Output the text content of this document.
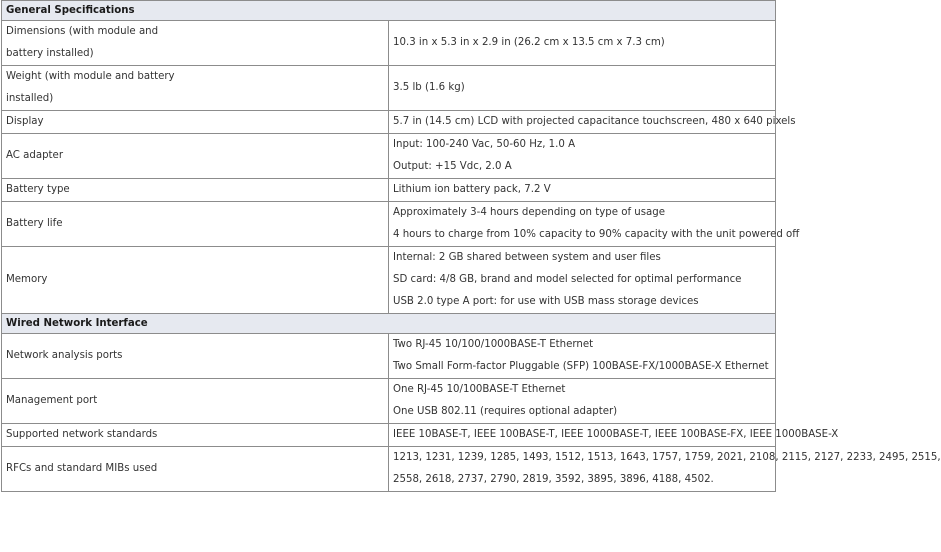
General Specifications	

Dimensions (with module and
battery installed)	10.3 in x 5.3 in x 2.9 in (26.2 cm x 13.5 cm x 7.3 cm)

Weight (with module and battery
installed)	3.5 lb (1.6 kg)

Display	5.7 in (14.5 cm) LCD with projected capacitance touchscreen, 480 x 640 pixels

AC adapter	Input: 100-240 Vac, 50-60 Hz, 1.0 A
Output: +15 Vdc, 2.0 A

Battery type	Lithium ion battery pack, 7.2 V

Battery life	Approximately 3-4 hours depending on type of usage
4 hours to charge from 10% capacity to 90% capacity with the unit powered off

Memory	Internal: 2 GB shared between system and user files
SD card: 4/8 GB, brand and model selected for optimal performance
USB 2.0 type A port: for use with USB mass storage devices

Wired Network Interface	

Network analysis ports	Two RJ-45 10/100/1000BASE-T Ethernet
Two Small Form-factor Pluggable (SFP) 100BASE-FX/1000BASE-X Ethernet

Management port	One RJ-45 10/100BASE-T Ethernet
One USB 802.11 (requires optional adapter)

Supported network standards	IEEE 10BASE-T, IEEE 100BASE-T, IEEE 1000BASE-T, IEEE 100BASE-FX, IEEE 1000BASE-X

RFCs and standard MIBs used	1213, 1231, 1239, 1285, 1493, 1512, 1513, 1643, 1757, 1759, 2021, 2108, 2115, 2127, 2233, 2495, 2515,
2558, 2618, 2737, 2790, 2819, 3592, 3895, 3896, 4188, 4502.
